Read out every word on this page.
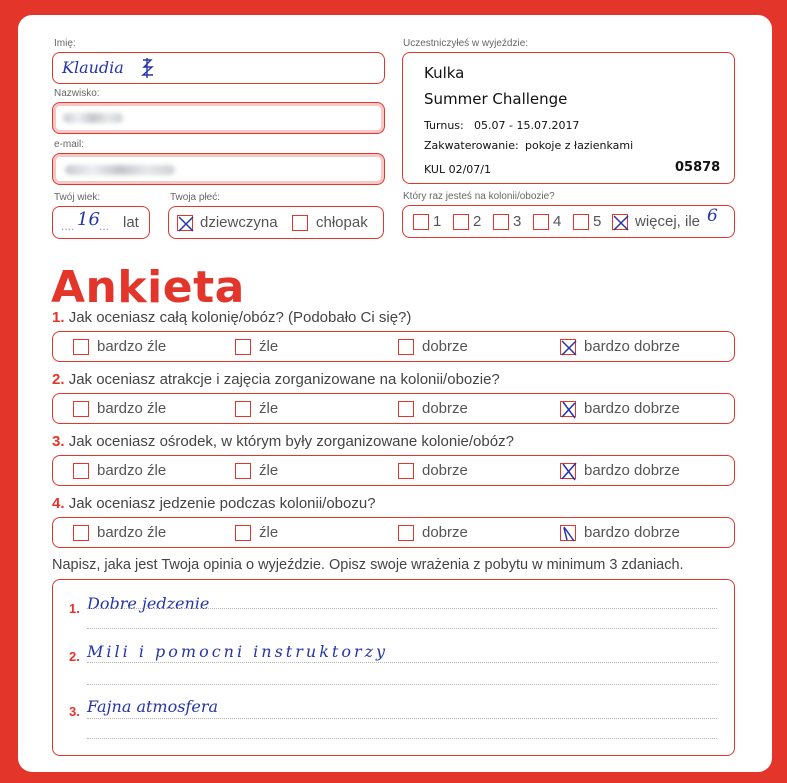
Imię:
Klaudia
Nazwisko:
e-mail:
Twój wiek:
.... 16 ... lat
Twoja płeć:
dziewczyna	chłopak
Uczestniczyłeś w wyjeździe:
Kulka
Summer Challenge
Turnus: 05.07 - 15.07.2017
Zakwaterowanie: pokoje z łazienkami
KUL 02/07/1	05878
Który raz jesteś na kolonii/obozie?
1 2 3 4 5 więcej, ile 6
Ankieta
1. Jak oceniasz całą kolonię/obóz? (Podobało Ci się?)
bardzo źle	źle	dobrze	bardzo dobrze
2. Jak oceniasz atrakcje i zajęcia zorganizowane na kolonii/obozie?
bardzo źle	źle	dobrze	bardzo dobrze
3. Jak oceniasz ośrodek, w którym były zorganizowane kolonie/obóz?
bardzo źle	źle	dobrze	bardzo dobrze
4. Jak oceniasz jedzenie podczas kolonii/obozu?
bardzo źle	źle	dobrze	bardzo dobrze
Napisz, jaka jest Twoja opinia o wyjeździe. Opisz swoje wrażenia z pobytu w minimum 3 zdaniach.
1. Dobre jedzenie
2. Mili i pomocni instruktorzy
3. Fajna atmosfera
